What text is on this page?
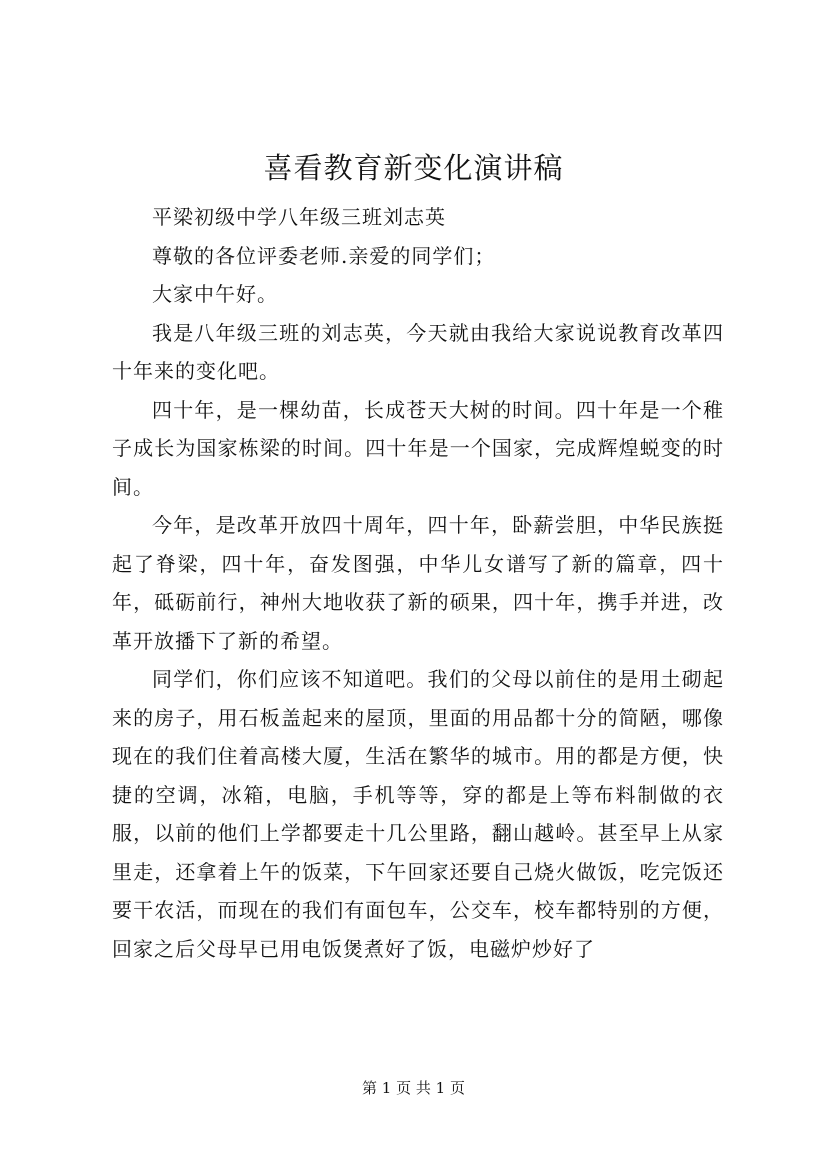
喜看教育新变化演讲稿

平梁初级中学八年级三班刘志英

尊敬的各位评委老师.亲爱的同学们；

大家中午好。

我是八年级三班的刘志英，今天就由我给大家说说教育改革四十年来的变化吧。

四十年，是一棵幼苗，长成苍天大树的时间。四十年是一个稚子成长为国家栋梁的时间。四十年是一个国家，完成辉煌蜕变的时间。

今年，是改革开放四十周年，四十年，卧薪尝胆，中华民族挺起了脊梁，四十年，奋发图强，中华儿女谱写了新的篇章，四十年，砥砺前行，神州大地收获了新的硕果，四十年，携手并进，改革开放播下了新的希望。

同学们，你们应该不知道吧。我们的父母以前住的是用土砌起来的房子，用石板盖起来的屋顶，里面的用品都十分的简陋，哪像现在的我们住着高楼大厦，生活在繁华的城市。用的都是方便，快捷的空调，冰箱，电脑，手机等等，穿的都是上等布料制做的衣服，以前的他们上学都要走十几公里路，翻山越岭。甚至早上从家里走，还拿着上午的饭菜，下午回家还要自己烧火做饭，吃完饭还要干农活，而现在的我们有面包车，公交车，校车都特别的方便，回家之后父母早已用电饭煲煮好了饭，电磁炉炒好了

第 1 页 共 1 页
